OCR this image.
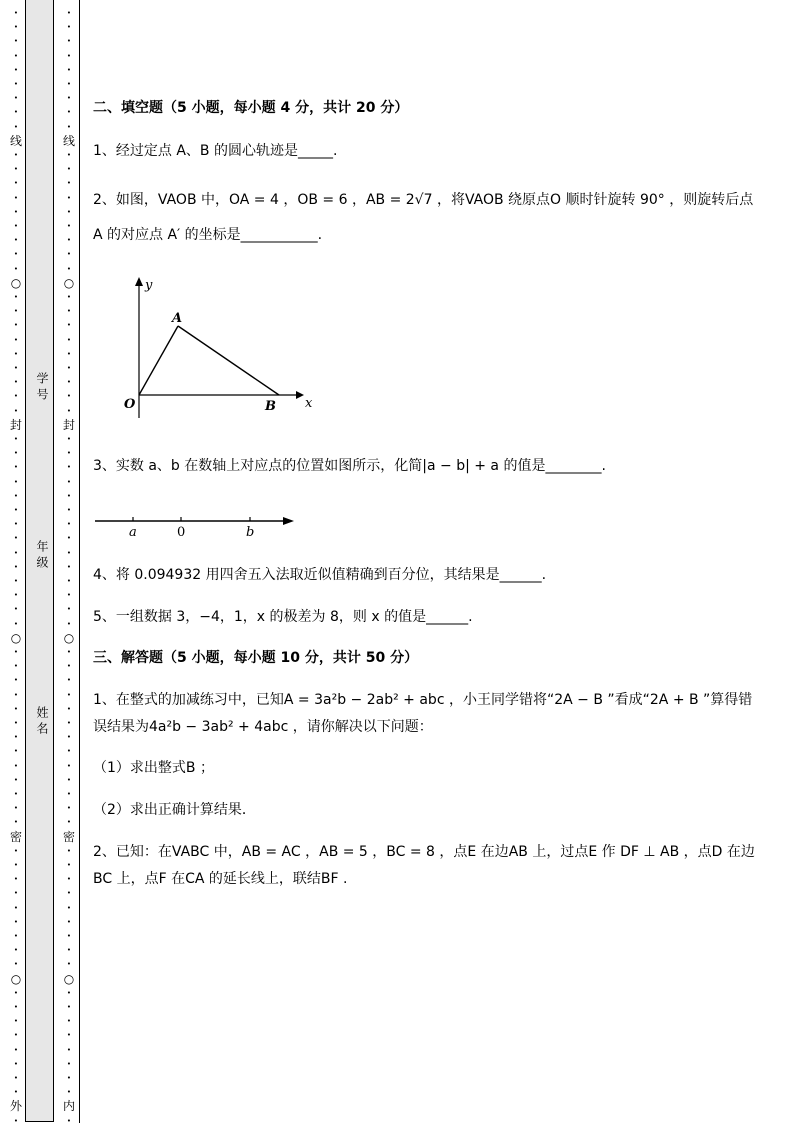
•
•
•
•
•
•
•
•
•
线
•
•
•
•
•
•
•
•
•
○
•
•
•
•
•
•
•
•
•
封
•
•
•
•
•
•
•
•
•
•
•
•
•
•
○
•
•
•
•
•
•
•
•
•
•
•
•
•
密
•
•
•
•
•
•
•
•
•
○
•
•
•
•
•
•
•
•
外
•
•
•
•
•
•
•
•
•
•
线
•
•
•
•
•
•
•
•
•
○
•
•
•
•
•
•
•
•
•
封
•
•
•
•
•
•
•
•
•
•
•
•
•
•
○
•
•
•
•
•
•
•
•
•
•
•
•
•
密
•
•
•
•
•
•
•
•
•
○
•
•
•
•
•
•
•
•
内
•
学号
年级
姓名
二、填空题（5 小题，每小题 4 分，共计 20 分）
1、经过定点 A、B 的圆心轨迹是_____.
2、如图，VAOB 中，OA = 4 ，OB = 6 ，AB = 2√7 ，将VAOB 绕原点O 顺时针旋转 90° ，则旋转后点
A 的对应点 A′ 的坐标是___________.
y
x
O
A
B
3、实数 a、b 在数轴上对应点的位置如图所示，化简|a − b| + a 的值是________.
a	0	b
4、将 0.094932 用四舍五入法取近似值精确到百分位，其结果是______.
5、一组数据 3，−4，1，x 的极差为 8，则 x 的值是______.
三、解答题（5 小题，每小题 10 分，共计 50 分）
1、在整式的加减练习中，已知A = 3a²b − 2ab² + abc ，小王同学错将“2A − B ”看成“2A + B ”算得错
误结果为4a²b − 3ab² + 4abc ，请你解决以下问题：
（1）求出整式B ；
（2）求出正确计算结果．
2、已知：在VABC 中，AB = AC ，AB = 5 ，BC = 8 ，点E 在边AB 上，过点E 作 DF ⊥ AB ，点D 在边
BC 上，点F 在CA 的延长线上，联结BF .
